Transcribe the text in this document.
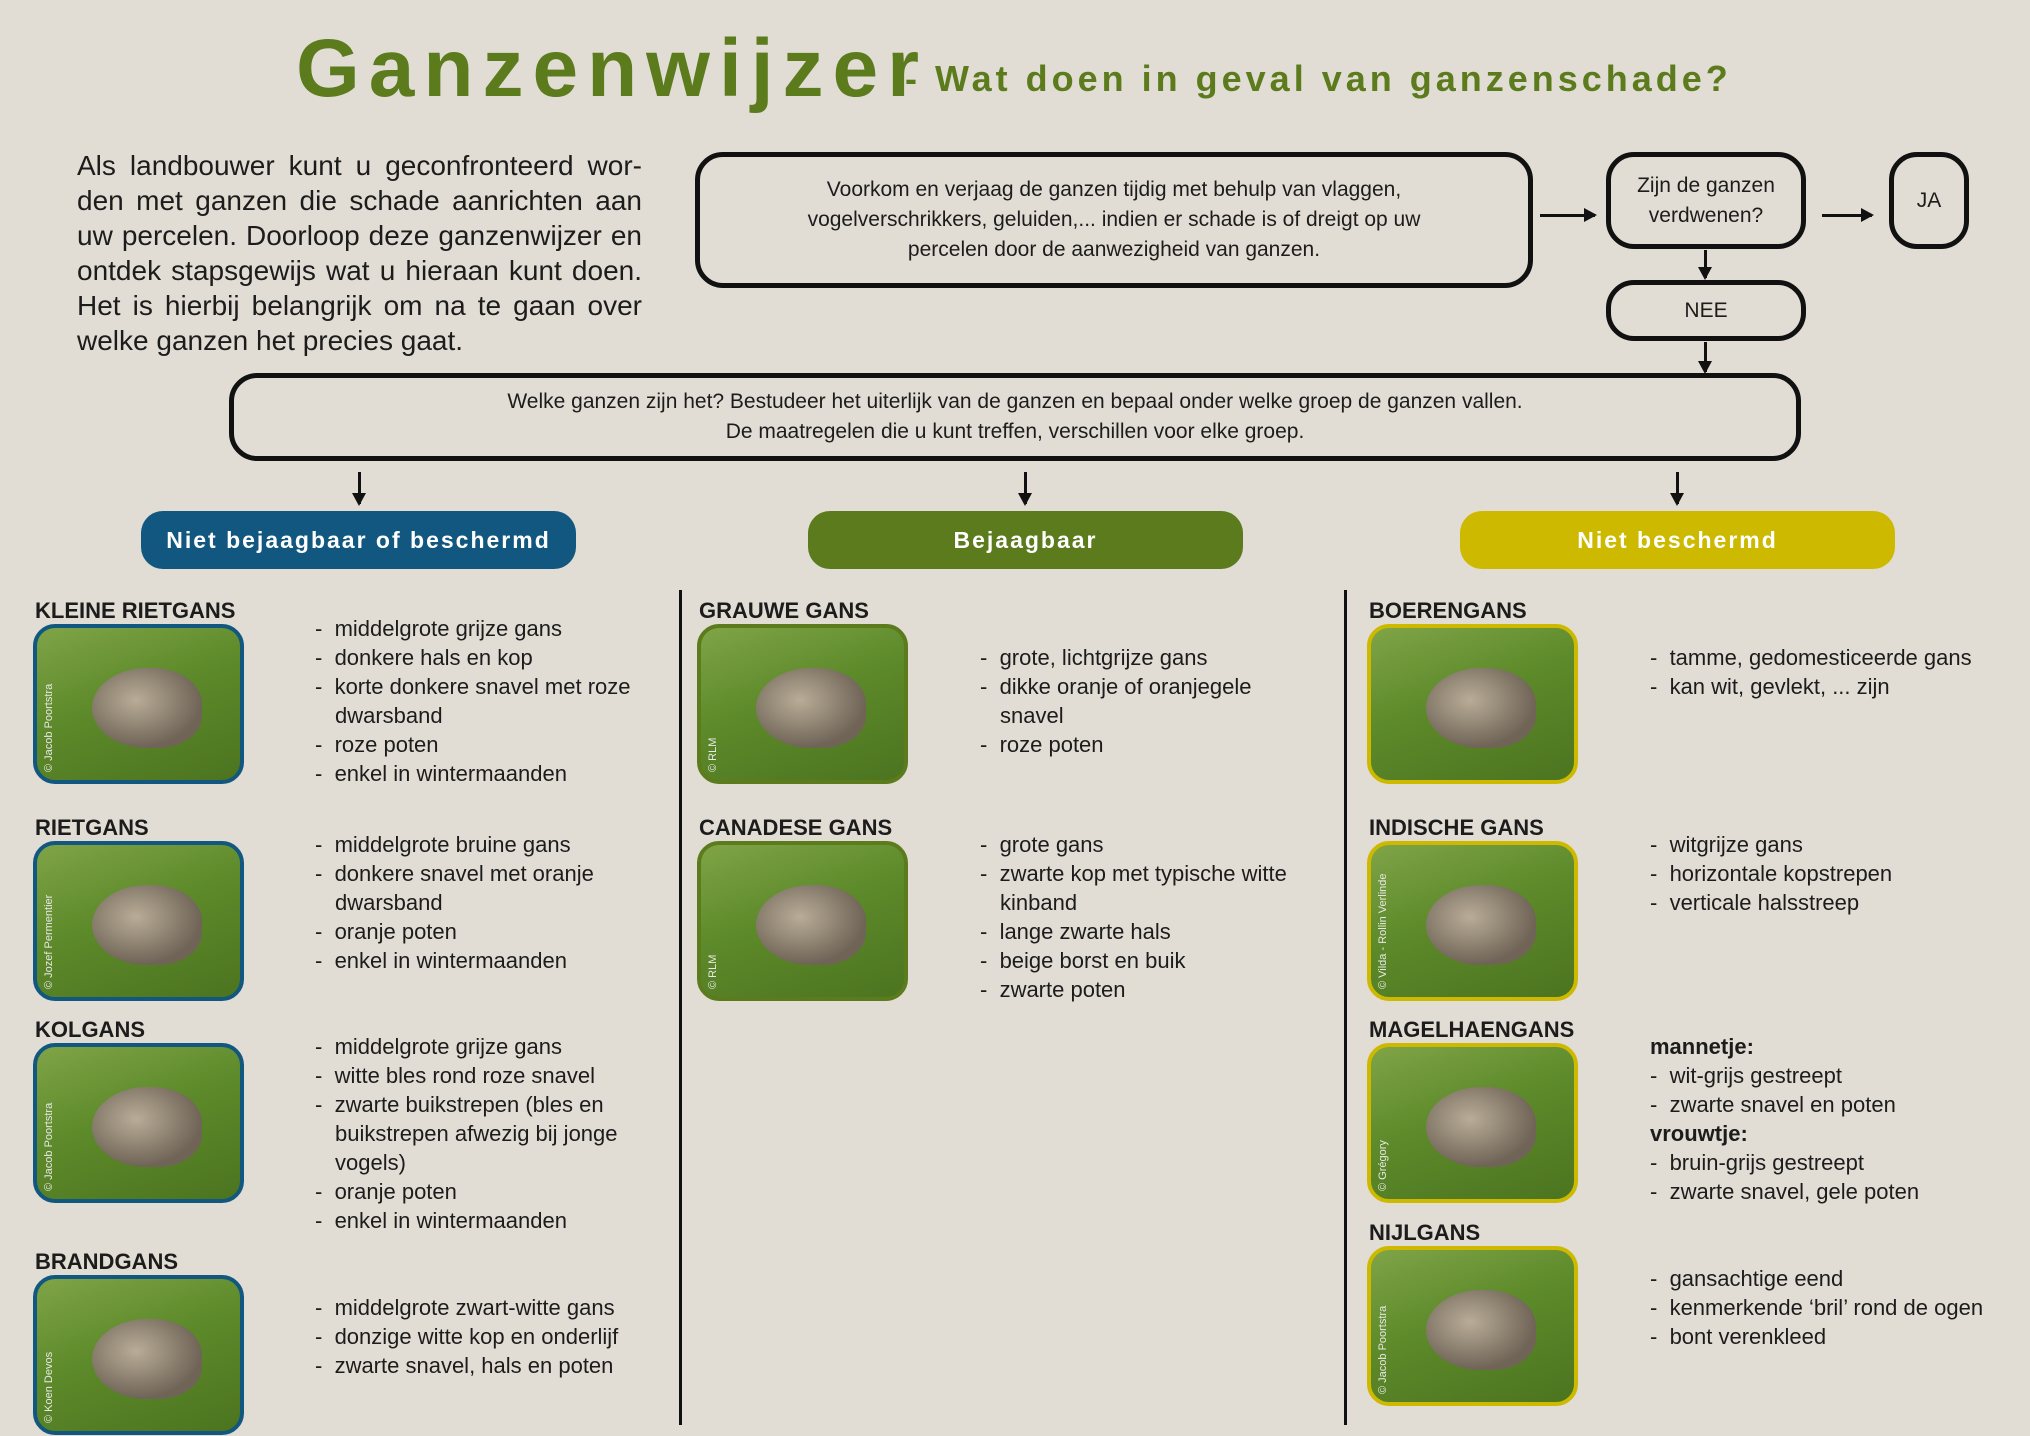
Ganzenwijzer
- Wat doen in geval van ganzenschade?

Als landbouwer kunt u geconfronteerd wor-den met ganzen die schade aanrichten aan uw percelen. Doorloop deze ganzenwijzer en ontdek stapsgewijs wat u hieraan kunt doen. Het is hierbij belangrijk om na te gaan over welke ganzen het precies gaat.

Voorkom en verjaag de ganzen tijdig met behulp van vlaggen, vogelverschrikkers, geluiden,... indien er schade is of dreigt op uw percelen door de aanwezigheid van ganzen.
Zijn de ganzen verdwenen?
JA
NEE
Welke ganzen zijn het? Bestudeer het uiterlijk van de ganzen en bepaal onder welke groep de ganzen vallen.
De maatregelen die u kunt treffen, verschillen voor elke groep.
Niet bejaagbaar of beschermd
KLEINE RIETGANS
© Jacob Poortstra
-  middelgrote grijze gans
-  donkere hals en kop
-  korte donkere snavel met roze dwarsband
-  roze poten
-  enkel in wintermaanden
RIETGANS
© Jozef Permentier
-  middelgrote bruine gans
-  donkere snavel met oranje dwarsband
-  oranje poten
-  enkel in wintermaanden
KOLGANS
© Jacob Poortstra
-  middelgrote grijze gans
-  witte bles rond roze snavel
-  zwarte buikstrepen (bles en buikstrepen afwezig bij jonge vogels)
-  oranje poten
-  enkel in wintermaanden
BRANDGANS
© Koen Devos
-  middelgrote zwart-witte gans
-  donzige witte kop en onderlijf
-  zwarte snavel, hals en poten
Bejaagbaar
GRAUWE GANS
© RLM
-  grote, lichtgrijze gans
-  dikke oranje of oranjegele snavel
-  roze poten
CANADESE GANS
© RLM
-  grote gans
-  zwarte kop met typische witte kinband
-  lange zwarte hals
-  beige borst en buik
-  zwarte poten
Niet beschermd
BOERENGANS
-  tamme, gedomesticeerde gans
-  kan wit, gevlekt, ... zijn
INDISCHE GANS
© Vilda - Rollin Verlinde
-  witgrijze gans
-  horizontale kopstrepen
-  verticale halsstreep
MAGELHAENGANS
© Grégory
mannetje:
-  wit-grijs gestreept
-  zwarte snavel en poten
vrouwtje:
-  bruin-grijs gestreept
-  zwarte snavel, gele poten
NIJLGANS
© Jacob Poortstra
-  gansachtige eend
-  kenmerkende ‘bril’ rond de ogen
-  bont verenkleed
